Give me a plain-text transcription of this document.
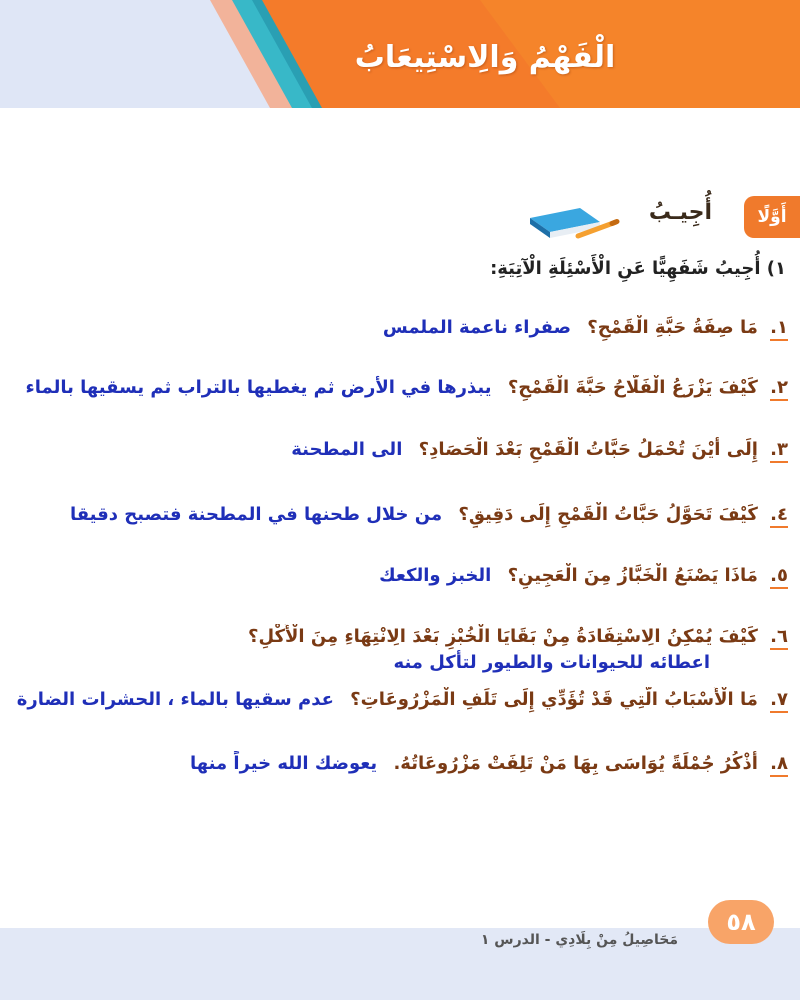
الْفَهْمُ وَالِاسْتِيعَابُ
أَوَّلًا
أُجِيـبُ
١) أُجِيبُ شَفَهِيًّا عَنِ الْأَسْئِلَةِ الْآتِيَةِ:
١. مَا صِفَةُ حَبَّةِ الْقَمْحِ؟ صفراء ناعمة الملمس
٢. كَيْفَ يَزْرَعُ الْفَلَّاحُ حَبَّةَ الْقَمْحِ؟ يبذرها في الأرض ثم يغطيها بالتراب ثم يسقيها بالماء
٣. إِلَى أَيْنَ تُحْمَلُ حَبَّاتُ الْقَمْحِ بَعْدَ الْحَصَادِ؟ الى المطحنة
٤. كَيْفَ تَحَوَّلُ حَبَّاتُ الْقَمْحِ إِلَى دَقِيقٍ؟ من خلال طحنها في المطحنة فتصبح دقيقا
٥. مَاذَا يَصْنَعُ الْخَبَّازُ مِنَ الْعَجِينِ؟ الخبز والكعك
٦. كَيْفَ يُمْكِنُ الِاسْتِفَادَةُ مِنْ بَقَايَا الْخُبْزِ بَعْدَ الِانْتِهَاءِ مِنَ الْأَكْلِ؟
اعطائه للحيوانات والطيور لتأكل منه
٧. مَا الْأَسْبَابُ الَّتِي قَدْ تُؤَدِّي إِلَى تَلَفِ الْمَزْرُوعَاتِ؟ عدم سقيها بالماء ، الحشرات الضارة
٨. أَذْكُرُ جُمْلَةً يُوَاسَى بِهَا مَنْ تَلِفَتْ مَزْرُوعَاتُهُ. يعوضك الله خيراً منها
مَحَاصِيلُ مِنْ بِلَادِي - الدرس ١
٥٨
